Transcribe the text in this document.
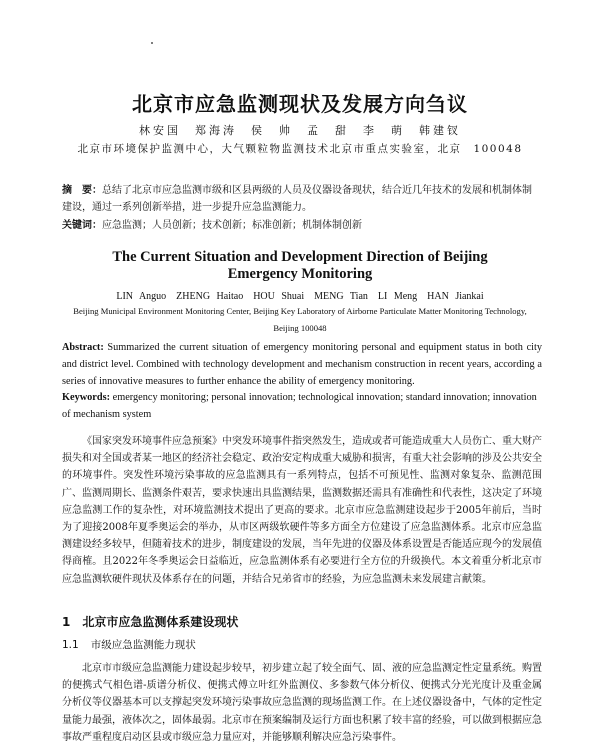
北京市应急监测现状及发展方向刍议
林安国　郑海涛　侯　帅　孟　甜　李　萌　韩建钗
北京市环境保护监测中心，大气颗粒物监测技术北京市重点实验室，北京　100048
摘　要：总结了北京市应急监测市级和区县两级的人员及仪器设备现状，结合近几年技术的发展和机制体制建设，通过一系列创新举措，进一步提升应急监测能力。
关键词：应急监测；人员创新；技术创新；标准创新；机制体制创新
The Current Situation and Development Direction of Beijing
Emergency Monitoring
LIN Anguo　ZHENG Haitao　HOU Shuai　MENG Tian　LI Meng　HAN Jiankai
Beijing Municipal Environment Monitoring Center, Beijing Key Laboratory of Airborne Particulate Matter Monitoring Technology,
Beijing 100048
Abstract: Summarized the current situation of emergency monitoring personal and equipment status in both city and district level. Combined with technology development and mechanism construction in recent years, according a series of innovative measures to further enhance the ability of emergency monitoring.
Keywords: emergency monitoring; personal innovation; technological innovation; standard innovation; innovation of mechanism system
《国家突发环境事件应急预案》中突发环境事件指突然发生，造成或者可能造成重大人员伤亡、重大财产损失和对全国或者某一地区的经济社会稳定、政治安定构成重大威胁和损害，有重大社会影响的涉及公共安全的环境事件。突发性环境污染事故的应急监测具有一系列特点，包括不可预见性、监测对象复杂、监测范围广、监测周期长、监测条件艰苦，要求快速出具监测结果，监测数据还需具有准确性和代表性，这决定了环境应急监测工作的复杂性，对环境监测技术提出了更高的要求。北京市应急监测建设起步于2005年前后，当时为了迎接2008年夏季奥运会的举办，从市区两级软硬件等多方面全方位建设了应急监测体系。北京市应急监测建设经多较早，但随着技术的进步，制度建设的发展，当年先进的仪器及体系设置是否能适应现今的发展值得商榷。且2022年冬季奥运会日益临近，应急监测体系有必要进行全方位的升级换代。本文着重分析北京市应急监测软硬件现状及体系存在的问题，并结合兄弟省市的经验，为应急监测未来发展建言献策。
1 北京市应急监测体系建设现状
1.1 市级应急监测能力现状
北京市市级应急监测能力建设起步较早，初步建立起了较全面气、固、液的应急监测定性定量系统。购置的便携式气相色谱-质谱分析仪、便携式傅立叶红外监测仪、多参数气体分析仪、便携式分光光度计及重金属分析仪等仪器基本可以支撑起突发环境污染事故应急监测的现场监测工作。在上述仪器设备中，气体的定性定量能力最强，液体次之，固体最弱。北京市在预案编制及运行方面也积累了较丰富的经验，可以做到根据应急事故严重程度启动区县或市级应急力量应对，并能够顺利解决应急污染事件。
